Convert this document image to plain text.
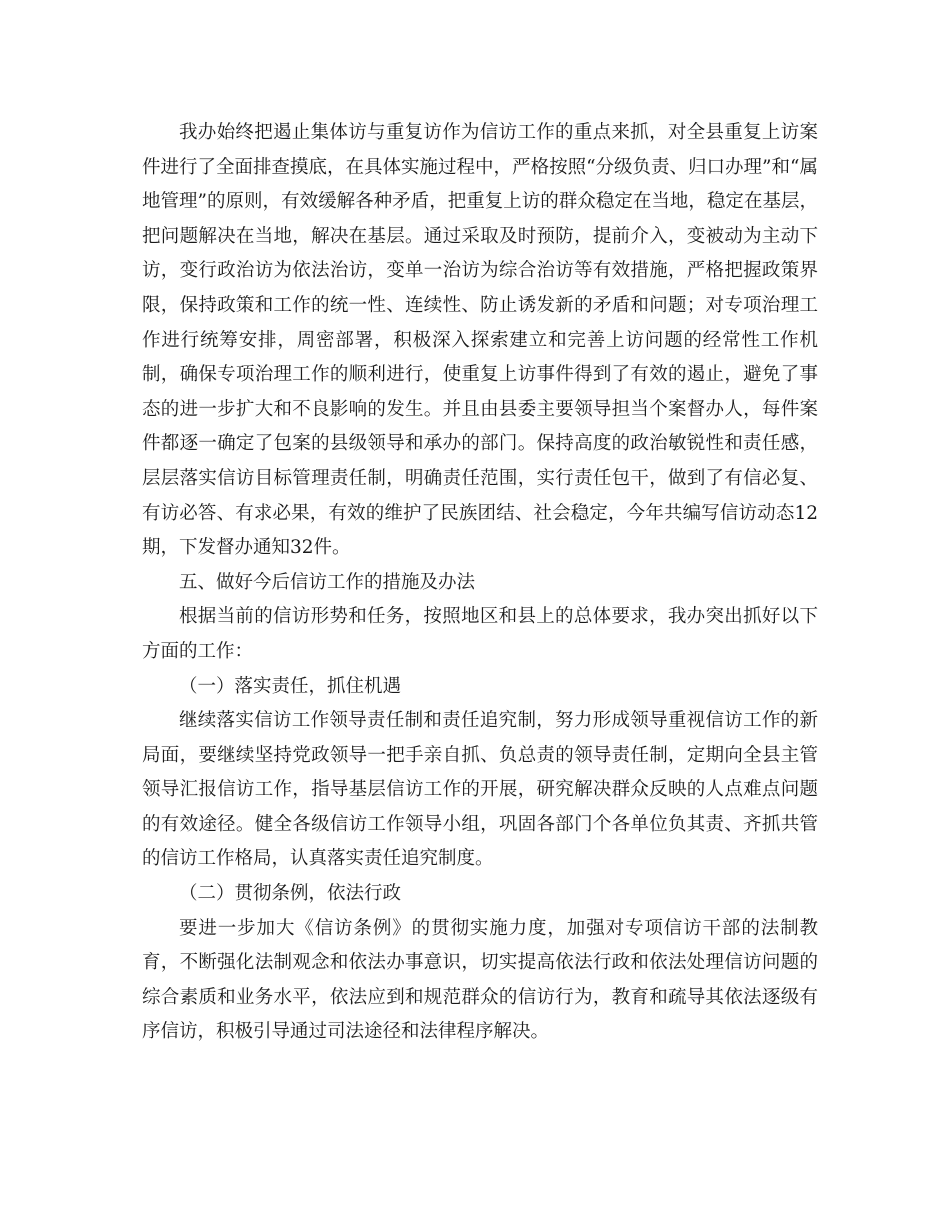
我办始终把遏止集体访与重复访作为信访工作的重点来抓，对全县重复上访案件进行了全面排查摸底，在具体实施过程中，严格按照“分级负责、归口办理”和“属地管理”的原则，有效缓解各种矛盾，把重复上访的群众稳定在当地，稳定在基层，把问题解决在当地，解决在基层。通过采取及时预防，提前介入，变被动为主动下访，变行政治访为依法治访，变单一治访为综合治访等有效措施，严格把握政策界限，保持政策和工作的统一性、连续性、防止诱发新的矛盾和问题；对专项治理工作进行统筹安排，周密部署，积极深入探索建立和完善上访问题的经常性工作机制，确保专项治理工作的顺利进行，使重复上访事件得到了有效的遏止，避免了事态的进一步扩大和不良影响的发生。并且由县委主要领导担当个案督办人，每件案件都逐一确定了包案的县级领导和承办的部门。保持高度的政治敏锐性和责任感，层层落实信访目标管理责任制，明确责任范围，实行责任包干，做到了有信必复、有访必答、有求必果，有效的维护了民族团结、社会稳定，今年共编写信访动态12期，下发督办通知32件。

五、做好今后信访工作的措施及办法

根据当前的信访形势和任务，按照地区和县上的总体要求，我办突出抓好以下方面的工作：

（一）落实责任，抓住机遇

继续落实信访工作领导责任制和责任追究制，努力形成领导重视信访工作的新局面，要继续坚持党政领导一把手亲自抓、负总责的领导责任制，定期向全县主管领导汇报信访工作，指导基层信访工作的开展，研究解决群众反映的人点难点问题的有效途径。健全各级信访工作领导小组，巩固各部门个各单位负其责、齐抓共管的信访工作格局，认真落实责任追究制度。

（二）贯彻条例，依法行政

要进一步加大《信访条例》的贯彻实施力度，加强对专项信访干部的法制教育，不断强化法制观念和依法办事意识，切实提高依法行政和依法处理信访问题的综合素质和业务水平，依法应到和规范群众的信访行为，教育和疏导其依法逐级有序信访，积极引导通过司法途径和法律程序解决。
